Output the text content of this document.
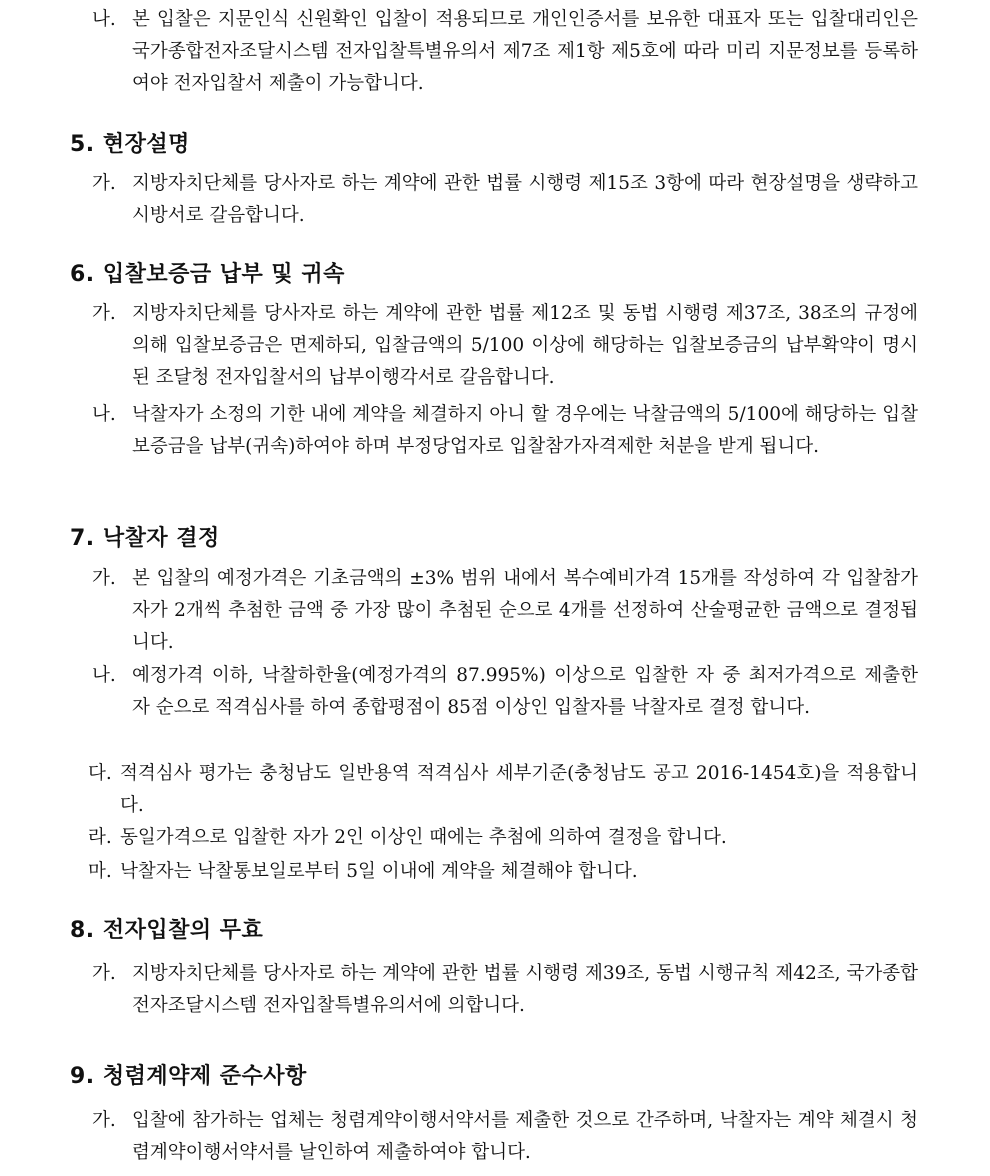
나. 본 입찰은 지문인식 신원확인 입찰이 적용되므로 개인인증서를 보유한 대표자 또는 입찰대리인은 국가종합전자조달시스템 전자입찰특별유의서 제7조 제1항 제5호에 따라 미리 지문정보를 등록하여야 전자입찰서 제출이 가능합니다.
5. 현장설명
가. 지방자치단체를 당사자로 하는 계약에 관한 법률 시행령 제15조 3항에 따라 현장설명을 생략하고 시방서로 갈음합니다.
6. 입찰보증금 납부 및 귀속
가. 지방자치단체를 당사자로 하는 계약에 관한 법률 제12조 및 동법 시행령 제37조, 38조의 규정에 의해 입찰보증금은 면제하되, 입찰금액의 5/100 이상에 해당하는 입찰보증금의 납부확약이 명시된 조달청 전자입찰서의 납부이행각서로 갈음합니다.
나. 낙찰자가 소정의 기한 내에 계약을 체결하지 아니 할 경우에는 낙찰금액의 5/100에 해당하는 입찰보증금을 납부(귀속)하여야 하며 부정당업자로 입찰참가자격제한 처분을 받게 됩니다.
7. 낙찰자 결정
가. 본 입찰의 예정가격은 기초금액의 ±3% 범위 내에서 복수예비가격 15개를 작성하여 각 입찰참가자가 2개씩 추첨한 금액 중 가장 많이 추첨된 순으로 4개를 선정하여 산술평균한 금액으로 결정됩니다.
나. 예정가격 이하, 낙찰하한율(예정가격의 87.995%) 이상으로 입찰한 자 중 최저가격으로 제출한 자 순으로 적격심사를 하여 종합평점이 85점 이상인 입찰자를 낙찰자로 결정 합니다.
다. 적격심사 평가는 충청남도 일반용역 적격심사 세부기준(충청남도 공고 2016-1454호)을 적용합니다.
라. 동일가격으로 입찰한 자가 2인 이상인 때에는 추첨에 의하여 결정을 합니다.
마. 낙찰자는 낙찰통보일로부터 5일 이내에 계약을 체결해야 합니다.
8. 전자입찰의 무효
가. 지방자치단체를 당사자로 하는 계약에 관한 법률 시행령 제39조, 동법 시행규칙 제42조, 국가종합전자조달시스템 전자입찰특별유의서에 의합니다.
9. 청렴계약제 준수사항
가. 입찰에 참가하는 업체는 청렴계약이행서약서를 제출한 것으로 간주하며, 낙찰자는 계약 체결시 청렴계약이행서약서를 날인하여 제출하여야 합니다.
